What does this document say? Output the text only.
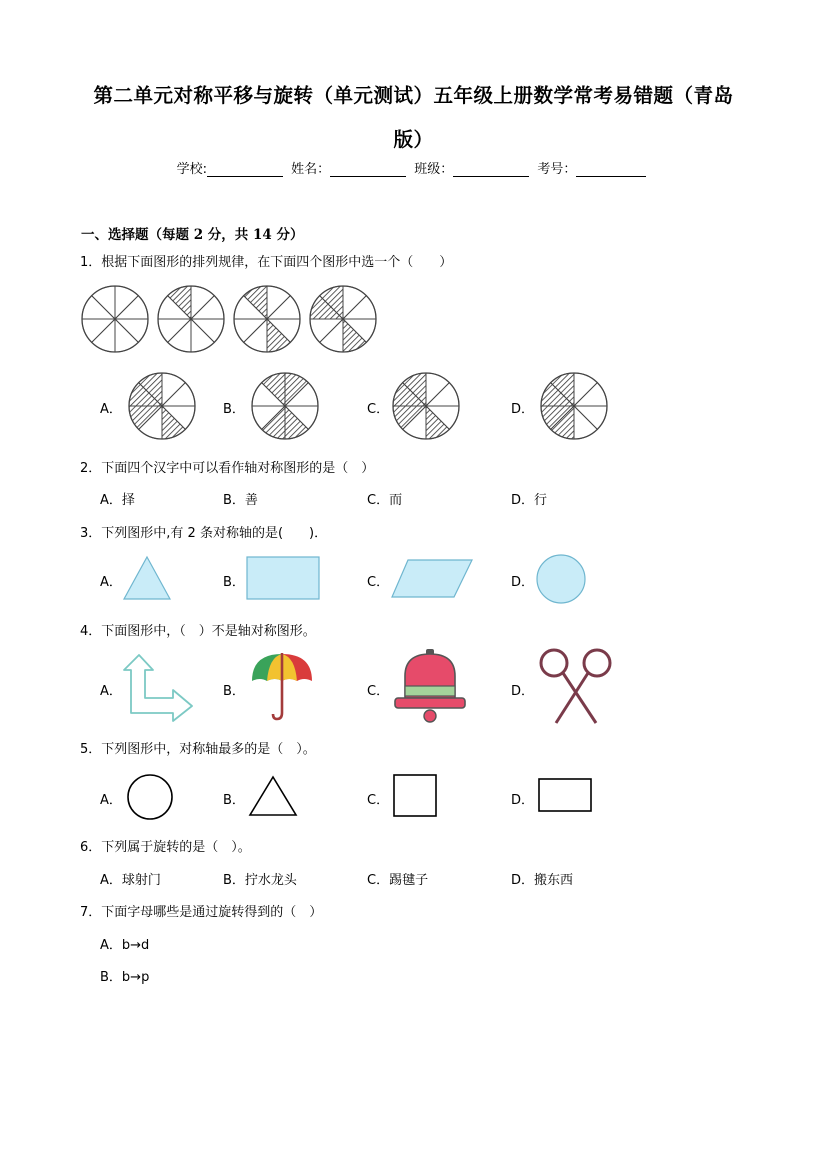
第二单元对称平移与旋转（单元测试）五年级上册数学常考易错题（青岛
版）
学校:	姓名：	班级：	考号：
一、选择题（每题 2 分，共 14 分）
1．根据下面图形的排列规律，在下面四个图形中选一个（　　）
A．	B．	C．	D．
2．下面四个汉字中可以看作轴对称图形的是（　）
A．择	B．善	C．而	D．行
3．下列图形中,有 2 条对称轴的是(　　)．
A．	B．	C．	D．
4．下面图形中，（　）不是轴对称图形。
A．	B．	C．	D．
5．下列图形中，对称轴最多的是（　）。
A．	B．	C．	D．
6．下列属于旋转的是（　）。
A．球射门	B．拧水龙头	C．踢毽子	D．搬东西
7．下面字母哪些是通过旋转得到的（　）
A．b→d
B．b→p
